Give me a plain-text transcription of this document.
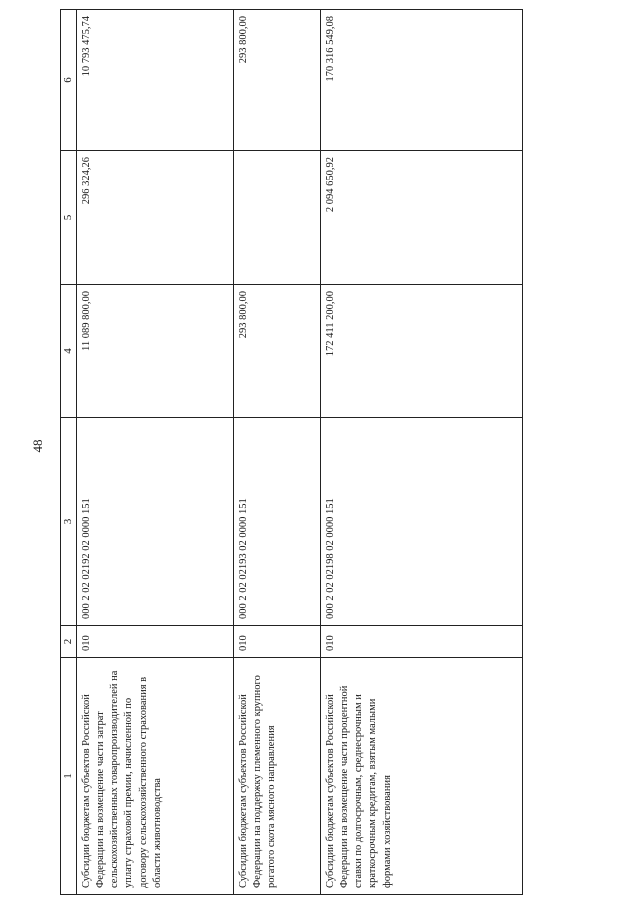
48
1	2	3	4	5	6
Субсидии бюджетам субъектов Российской Федерации на возмещение части затрат сельскохозяйственных товаропроизводителей на уплату страховой премии, начисленной по договору сельскохозяйственного страхования в области животноводства	010	000 2 02 02192 02 0000 151	11 089 800,00	296 324,26	10 793 475,74
Субсидии бюджетам субъектов Российской Федерации на поддержку племенного крупного рогатого скота мясного направления	010	000 2 02 02193 02 0000 151	293 800,00		293 800,00
Субсидии бюджетам субъектов Российской Федерации на возмещение части процентной ставки по долгосрочным, среднесрочным и краткосрочным кредитам, взятым малыми формами хозяйствования	010	000 2 02 02198 02 0000 151	172 411 200,00	2 094 650,92	170 316 549,08
